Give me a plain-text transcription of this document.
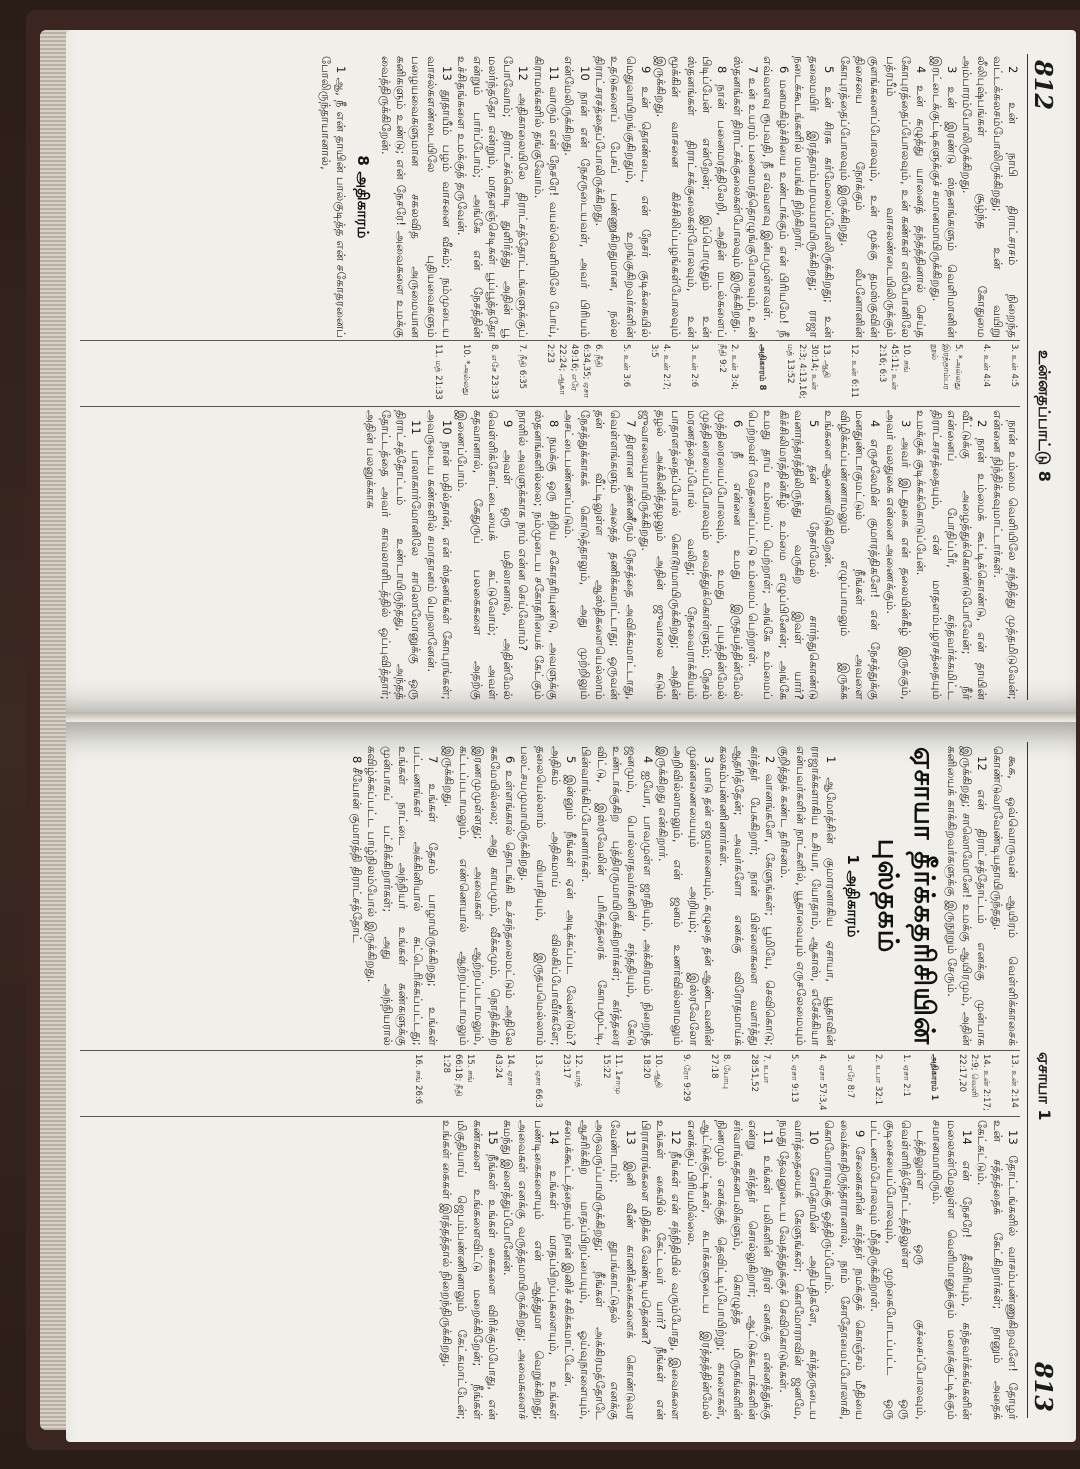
812
உன்னதப்பாட்டு 8

2 உன் நாபி திராட்சரசம் நிறைந்த வட்டக்கலசம்போலிருக்கிறது; உன் வயிறு லீலிபுஷ்பங்கள் சூழ்ந்த கோதுமை அம்பாரம்போலிருக்கிறது.

3 உன் இரண்டு ஸ்தனங்களும் வெளிமானின் இரட்டைக்குட்டிகளுக்குச் சமானமாயிருக்கிறது.

4 உன் கழுத்து யானைத் தந்தத்தினால் செய்த கோபுரத்தைப்போலவும், உன் கண்கள் எஸ்போனிலே பத்ரபீம் வாசலண்டையிலிருக்கும் குளங்களைப்போலவும், உன் மூக்கு தமஸ்குவின் திசையை நோக்கும் லீபனோனின் கோபுரத்தைப்போலவும் இருக்கிறது.

5 உன் சிரசு கர்மேலைப்போலிருக்கிறது; உன் தலைமயிர் இரத்தாம்பரமயமாயிருக்கிறது; ராஜா நடைக்கூடங்களில் மயங்கி நிற்கிறார்.

6 மனமகிழ்ச்சியை உண்டாக்கும் என் பிரியமே! நீ எவ்வளவு ரூபவதி, நீ எவ்வளவு இன்பமுள்ளவள்.

7 உன் உயரம் பனைமரத்தொழுங்குபோலவும், உன் ஸ்தனங்கள் திராட்சக்குலைகள்போலவும் இருக்கிறது.

8 நான் பனைமரத்திலேறி, அதின் மடல்களைப் பிடிப்பேன் என்றேன்; இப்பொழுதும் உன் ஸ்தனங்கள் திராட்சக்குலைகள்போலவும், உன் மூக்கின் வாசனை கிச்சிலிப்பழங்கள்போலவும் இருக்கிறது.

9 உன் தொண்டை, என் நேசர் குடிக்கையில் மெதுவாயிறங்குகிறதும், உறங்குகிறவர்களின் உதடுகளைப் பேசப் பண்ணுகிறதுமான, நல்ல திராட்சரசத்தைப்போலிருக்கிறது.

10 நான் என் நேசருடையவள், அவர் பிரியம் என்மேலிருக்கிறது.

11 வாரும் என் நேசரே! வயல்வெளியிலே போய், கிராமங்களில் தங்குவோம்.

12 அதிகாலையிலே திராட்சத்தோட்டங்களுக்குப் போவோம்; திராட்சக்கொடி துளிர்த்து அதின் பூ மலர்ந்ததோ என்றும், மாதளஞ்செடிகள் பூப்பூத்ததோ என்றும் பார்ப்போம்; அங்கே என் நேசத்தின் உச்சிதங்களை உமக்குத் தருவேன்.

13 தூதாயீம் பழம் வாசனை வீசும்; நம்முடைய வாசல்களண்டையிலே புதியவைகளும் பழையவைகளுமான சகலவித அருமையான கனிகளும் உண்டு; என் நேசரே! அவைகளை உமக்கு வைத்திருக்கிறேன்.

8 அதிகாரம்

1 ஆ, நீ என் தாயின் பால்குடித்த என் சகோதரனைப் போலிருந்தாயானால்,

3. உன் 4:5
4. உன் 4:4
5. *அல்லது இரத்தாம்பர நூல்
10. சங் 45:11; உன் 2:16; 6:3
12. உன் 6:11
13. ஆதி 30:14; உன் 2:3; 4:13,16; மத் 13:52
அதிகாரம் 8
2. உன் 3:4; நீதி 9:2
3. உன் 2:6
4. உன் 2:7; 3:5
5. உன் 3:6
6. நீதி 6:34,35; ஏசா 49:16; எரே 22:24; ஆகா 2:23
7. நீதி 6:35
8. எசே 23:33
10. *அல்லது
11. மத் 21:33

நான் உம்மை வெளியிலே சந்தித்து முத்தமிடுவேன்; என்னை நிந்திக்கவுமாட்டார்கள்.

2 நான் உம்மைக் கூட்டிக்கொண்டு, என் தாயின் வீட்டுக்கு அழைத்துக்கொண்டுபோவேன்; நீர் என்னைப் போதிப்பீர், கந்தவர்க்கமிட்ட திராட்சரசத்தையும், என் மாதளம்பழரசத்தையும் உமக்குக் குடிக்கக்கொடுப்பேன்.

3 அவர் இடதுகை என் தலையின்கீழ் இருக்கும், அவர் வலதுகை என்னை அணைக்கும்.

4 எருசலேமின் குமாரத்திகளே! என் நேசத்துக்கு மனதுண்டாகுமட்டும் நீங்கள் அவளை விழிக்கப்பண்ணாமலும் எழுப்பாமலும் இருக்க உங்களை ஆணையிடுகிறேன்.

5 தன் நேசர்மேல் சார்ந்துகொண்டு வனாந்தரத்திலிருந்து வருகிற இவள் யார்? கிச்சிலிமரத்தின்கீழ் உம்மை எழுப்பினேன்; அங்கே உமது தாய் உம்மைப் பெற்றாள்; அங்கே உம்மைப் பெற்றவள் வேதனைப்பட்டு உம்மைப் பெற்றாள்.

6 நீ என்னை உமது இருதயத்தின்மேல் முத்திரையைப்போலவும், உமது புயத்தின்மேல் முத்திரையைப்போலவும் வைத்துக்கொள்ளும்; நேசம் மரணத்தைப்போல் வலிது; நேசவைராக்கியம் பாதாளத்தைப்போல் கொடூரமாயிருக்கிறது; அதின் தழல் அக்கினித்தழலும் அதின் ஜுவாலை கடும் ஜுவாலையுமாயிருக்கிறது.

7 திரளான தண்ணீரும் நேசத்தை அவிக்கமாட்டாது, வெள்ளங்களும் அதைத் தணிக்கமாட்டாது; ஒருவன் தன் வீட்டிலுள்ள ஆஸ்திகளையெல்லாம் நேசத்துக்காகக் கொடுத்தாலும், அது முற்றிலும் அசட்டைபண்ணப்படும்.

8 நமக்கு ஒரு சிறிய சகோதரியுண்டு, அவளுக்கு ஸ்தனங்களில்லை; நம்முடைய சகோதரியைக் கேட்கும் நாளில் அவளுக்காக நாம் என்ன செய்வோம்?

9 அவள் ஒரு மதிலானால், அதின்மேல் வெள்ளிக்கோட்டையைக் கட்டுவோம்; அவள் கதவானால், கேதுருப் பலகைகளை அதற்கு இணைப்போம்.

10 நான் மதில்தான், என் ஸ்தனங்கள் கோபுரங்கள்; அவருடைய கண்களில் சமாதானம் பெறலானேன்.

11 பாலாகார்மோனிலே சாலொமோனுக்கு ஒரு திராட்சத்தோட்டம் உண்டாயிருந்தது, அந்தத் தோட்டத்தை அவர் காவலாளிடத்தில் ஒப்புவித்தார்; அதின் பலனுக்காக

813
ஏசாயா 1

கூக, ஒவ்வொருவன் ஆயிரம் வெள்ளிக்காசைக் கொண்டுவரவேண்டியதாயிருந்தது.

12 என் திராட்சத்தோட்டம் எனக்கு முன்பாக இருக்கிறது; சாலொமோனே! உமக்கு ஆயிரமும், அதின் கனியைக் காக்கிறவர்களுக்கு இருநூறும் சேரும்.

ஏசாயா தீர்க்கதரிசியின் புஸ்தகம்
1 அதிகாரம்

1 ஆமோத்சின் குமாரனாகிய ஏசாயா, யூதாவின் ராஜாக்களாகிய உசியா, யோதாம், ஆகாஸ், எசேக்கியா என்பவர்களின் நாட்களில், யூதாவையும் எருசலேமையும் குறித்துக் கண்ட தரிசனம்.

2 வானங்களே, கேளுங்கள்; பூமியே, செவிகொடு; கர்த்தர் பேசுகிறார்; நான் பிள்ளைகளை வளர்த்து ஆதரித்தேன்; அவர்களோ எனக்கு விரோதமாய்க் கலகம்பண்ணினார்கள்.

3 மாடு தன் எஜமானையும், கழுதை தன் ஆண்டவனின் முன்னணையையும் அறியும்; இஸ்ரவேலோ அறிவில்லாமலும், என் ஜனம் உணர்வில்லாமலும் இருக்கிறது என்கிறார்.

4 ஐயோ, பாவமுள்ள ஜாதியும், அக்கிரமம் நிறைந்த ஜனமும், பொல்லாதவர்களின் சந்ததியும், கேடு உண்டாக்குகிற புத்திரருமாயிருக்கிறார்கள்; கர்த்தரை விட்டு, இஸ்ரவேலின் பரிசுத்தரைக் கோபமூட்டி, பின்வாங்கிப்போனார்கள்.

5 இன்னும் நீங்கள் ஏன் அடிக்கப்பட வேண்டும்? அதிகம் அதிகமாய் விலகிப்போவீர்களே; தலையெல்லாம் வியாதியும், இருதயமெல்லாம் பலட்சயமுமாயிருக்கிறது.

6 உள்ளங்கால் தொடங்கி உச்சந்தலைமட்டும் அதிலே சுகமேயில்லை; அது காயமும், வீக்கமும், நொதிக்கிற இரணமுமுள்ளது; அவைகள் ஆற்றப்படாமலும், கட்டப்படாமலும், எண்ணெயால் ஆற்றப்படாமலும் இருக்கிறது.

7 உங்கள் தேசம் பாழாயிருக்கிறது; உங்கள் பட்டணங்கள் அக்கினியால் சுட்டெரிக்கப்பட்டது; உங்கள் நாட்டை அந்நியர் உங்கள் கண்களுக்கு முன்பாகப் பட்சிக்கிறார்கள்; அது அந்நியரால் கவிழ்க்கப்பட்ட பாழ்நிலம்போல் இருக்கிறது.

8 சீயோன் குமாரத்தி திராட்சத்தோட்

13. உன் 2:14
14. உன் 2:17; 2:9; வெளி 22:17,20
அதிகாரம் 1
1. ஏசா 2:1
2. உபா 32:1
3. எரே 8:7
4. ஏசா 57:3,4
5. ஏசா 9:13
7. உபா 28:51,52
8. யோபு 27:18
9. ரோ 9:29
10. ஆதி 18:20
11. 1சாமு 15:22
12. யாத் 23:17
13. ஏசா 66:3
14. ஏசா 43:24
15. சங் 66:18; நீதி 1:28
16. சங் 26:6

13 தோட்டங்களில் வாசம்பண்ணுகிறவளே! தோழர் உன் சத்தத்தைக் கேட்கிறார்கள்; நானும் அதைக் கேட்கட்டும்.

14 என் நேசரே! தீவிரியும், கந்தவர்க்கங்களின் மலைகள்மேலுள்ள வெளிமானுக்கும் மரைக்குட்டிக்கும் சமானமாயிரும்.

டத்திலுள்ள ஒரு குச்சைப்போலவும், வெள்ளரித்தோட்டத்திலுள்ள ஒரு குடிசையைப்போலவும், முற்கைபோடப்பட்ட ஒரு பட்டணம்போலவும் மீந்திருக்கிறாள்.

9 சேனைகளின் கர்த்தர் நமக்குக் கொஞ்சம் மீதியை வைக்காதிருந்தாரானால், நாம் சோதோமைப்போலாகி, கொமோராவுக்கு ஒத்திருப்போம்.

10 சோதோமின் அதிபதிகளே, கர்த்தருடைய வார்த்தையைக் கேளுங்கள்; கொமோராவின் ஜனமே, நமது தேவனுடைய வேதத்துக்குச் செவிகொடுங்கள்.

11 உங்கள் பலிகளின் திரள் எனக்கு என்னத்துக்கு என்று கர்த்தர் சொல்லுகிறார்; ஆட்டுக்கடாக்களின் சர்வாங்கதகனபலிகளும், கொழுத்த மிருகங்களின் நிணமும் எனக்குத் தெவிட்டிப்போயிற்று; காளைகள், ஆட்டுக்குட்டிகள், கடாக்களுடைய இரத்தத்தின்மேல் எனக்குப் பிரியமில்லை.

12 நீங்கள் என் சந்நிதியில் வரும்போது, இவைகளை உங்கள் கையில் கேட்டவர் யார்? நீங்கள் என் பிராகாரங்களை மிதிக்க வேண்டியதென்ன?

13 இனி வீண் காணிக்கைகளைக் கொண்டுவர வேண்டாம்; தூபங்காட்டுதல் எனக்கு அருவருப்பாயிருக்கிறது; நீங்கள் அக்கிரமத்தோடே ஆசரிக்கிற மாதப்பிறப்பையும், ஓய்வுநாளையும், சபைக்கூட்டத்தையும் நான் இனிச் சகிக்கமாட்டேன்.

14 உங்கள் மாதப்பிறப்புகளையும், உங்கள் பண்டிகைகளையும் என் ஆத்துமா வெறுக்கிறது; அவைகள் எனக்கு வருத்தமாயிருக்கிறது; அவைகளைச் சுமந்து இளைத்துப்போனேன்.

15 நீங்கள் உங்கள் கைகளை விரிக்கும்போது, என் கண்களை உங்களைவிட்டு மறைக்கிறேன்; நீங்கள் மிகுதியாய் ஜெபம்பண்ணினாலும் கேட்கமாட்டேன்; உங்கள் கைகள் இரத்தத்தால் நிறைந்திருக்கிறது.
